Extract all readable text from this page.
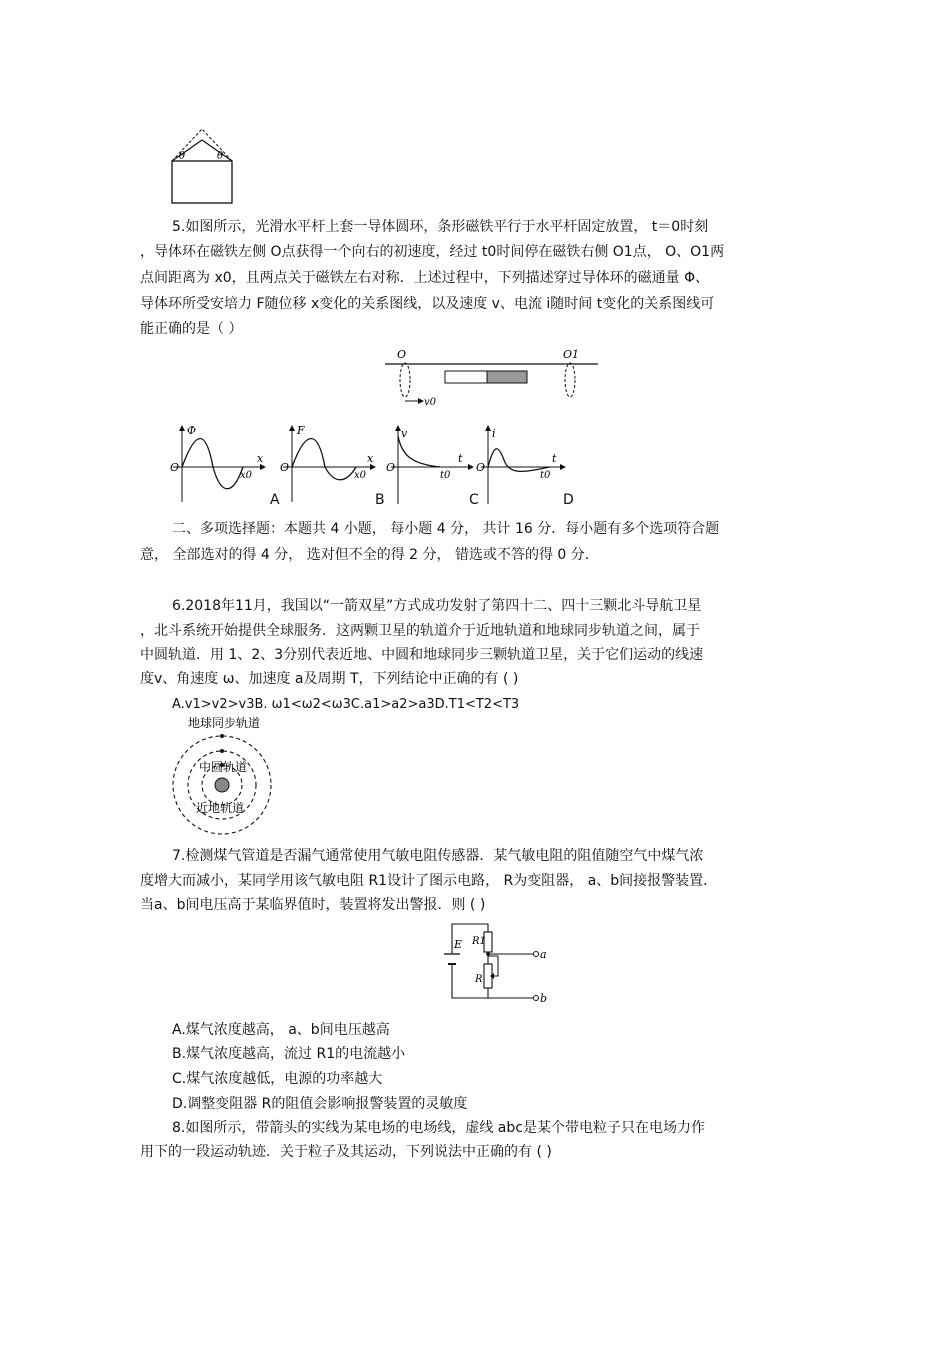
θ	θ
5.如图所示，光滑水平杆上套一导体圆环，条形磁铁平行于水平杆固定放置， t＝0时刻
，导体环在磁铁左侧 O点获得一个向右的初速度，经过 t0时间停在磁铁右侧 O1点， O、O1两
点间距离为 x0，且两点关于磁铁左右对称．上述过程中，下列描述穿过导体环的磁通量 Φ、
导体环所受安培力 F随位移 x变化的关系图线，以及速度 v、电流 i随时间 t变化的关系图线可
能正确的是（ ）
O	O1
v0
Φ
O
x
x0
A
F
O
x
x0
B
v
O
t
t0
C
i
O
t
t0
D
二、多项选择题：本题共 4 小题， 每小题 4 分， 共计 16 分．每小题有多个选项符合题
意， 全部选对的得 4 分， 选对但不全的得 2 分， 错选或不答的得 0 分.
6.2018年11月，我国以“一箭双星”方式成功发射了第四十二、四十三颗北斗导航卫星
，北斗系统开始提供全球服务．这两颗卫星的轨道介于近地轨道和地球同步轨道之间，属于
中圆轨道．用 1、2、3分别代表近地、中圆和地球同步三颗轨道卫星，关于它们运动的线速
度v、角速度 ω、加速度 a及周期 T，下列结论中正确的有 ( )
A.v1>v2>v3B. ω1<ω2<ω3C.a1>a2>a3D.T1<T2<T3
地球同步轨道
中圆轨道
近地轨道
7.检测煤气管道是否漏气通常使用气敏电阻传感器．某气敏电阻的阻值随空气中煤气浓
度增大而减小，某同学用该气敏电阻 R1设计了图示电路， R为变阻器， a、b间接报警装置．
当a、b间电压高于某临界值时，装置将发出警报．则 ( )
E R1
R
a
b
A.煤气浓度越高， a、b间电压越高
B.煤气浓度越高，流过 R1的电流越小
C.煤气浓度越低，电源的功率越大
D.调整变阻器 R的阻值会影响报警装置的灵敏度
8.如图所示，带箭头的实线为某电场的电场线，虚线 abc是某个带电粒子只在电场力作
用下的一段运动轨迹．关于粒子及其运动，下列说法中正确的有 ( )
